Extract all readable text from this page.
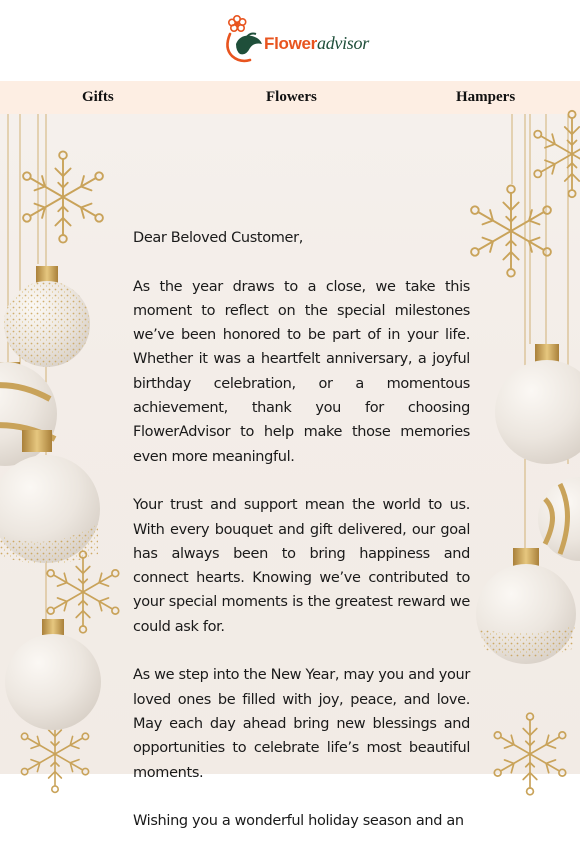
Floweradvisor
Gifts	Flowers	Hampers

Dear Beloved Customer,

As the year draws to a close, we take this moment to reflect on the special milestones we’ve been honored to be part of in your life. Whether it was a heartfelt anniversary, a joyful birthday celebration, or a momentous achievement, thank you for choosing FlowerAdvisor to help make those memories even more meaningful.

Your trust and support mean the world to us. With every bouquet and gift delivered, our goal has always been to bring happiness and connect hearts. Knowing we’ve contributed to your special moments is the greatest reward we could ask for.

As we step into the New Year, may you and your loved ones be filled with joy, peace, and love. May each day ahead bring new blessings and opportunities to celebrate life’s most beautiful moments.

Wishing you a wonderful holiday season and an
